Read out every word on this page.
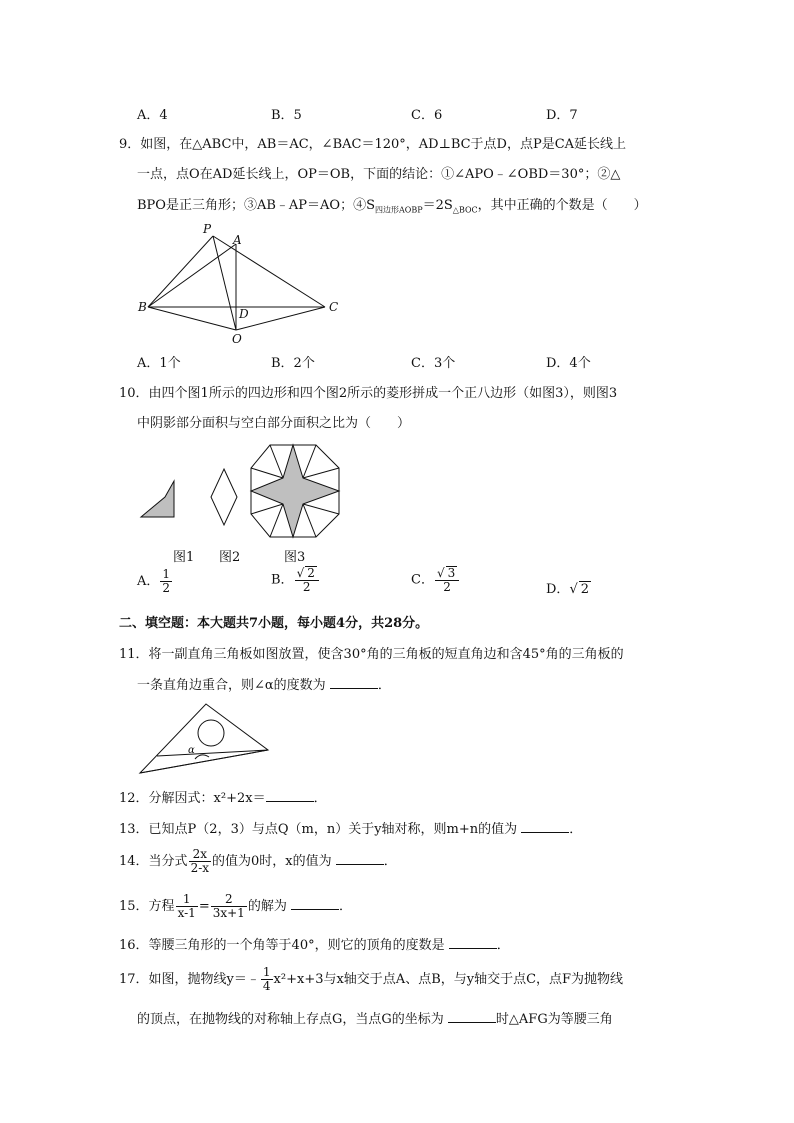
A．4	B．5	C．6	D．7
9．如图，在△ABC中，AB＝AC，∠BAC＝120°，AD⊥BC于点D，点P是CA延长线上
一点，点O在AD延长线上，OP＝OB，下面的结论：①∠APO﹣∠OBD＝30°；②△
BPO是正三角形；③AB﹣AP＝AO；$④S_{四边形AOBP}=2S_{\triangle BOC}$，其中正确的个数是（　　）
P
A
B	D	C
O
A．1个	B．2个	C．3个	D．4个
10．由四个图1所示的四边形和四个图2所示的菱形拼成一个正八边形（如图3），则图3
中阴影部分面积与空白部分面积之比为（　　）
图1 图2	图3
A． $\frac{1}{2}$	B． $\frac{√ 2}{2}$	C． $\frac{√ 3}{2}$	D．√ 2
二、填空题：本大题共7小题，每小题4分，共28分。
11．将一副直角三角板如图放置，使含30°角的三角板的短直角边和含45°角的三角板的
一条直角边重合，则∠α的度数为	．
α
12．分解因式：x²+2x＝	．
13．已知点P（2，3）与点Q（m，n）关于y轴对称，则m+n的值为	．
14．当分式 $\frac{2x}{2-x}$ 的值为0时，x的值为	．
15．方程 $\frac{1}{x-1} = \frac{2}{3x+1}$ 的解为	．
16．等腰三角形的一个角等于40°，则它的顶角的度数是	．
17．如图，抛物线y＝﹣ $\frac{1}{4} x^2+x+3$与x轴交于点A、点B，与y轴交于点C，点F为抛物线
的顶点，在抛物线的对称轴上存点G，当点G的坐标为	时△AFG为等腰三角
